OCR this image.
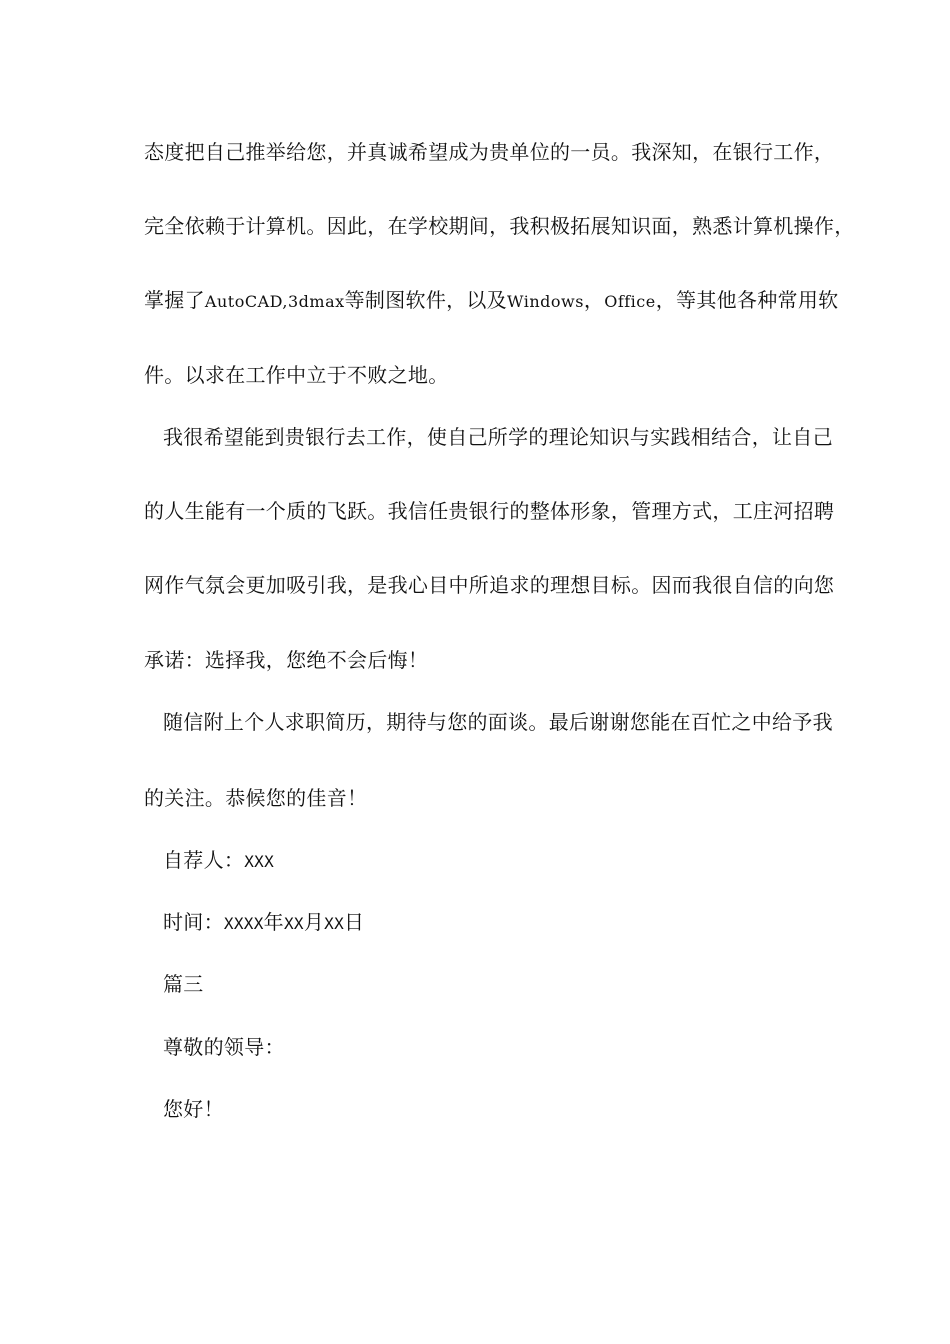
态度把自己推举给您，并真诚希望成为贵单位的一员。我深知，在银行工作，
完全依赖于计算机。因此，在学校期间，我积极拓展知识面，熟悉计算机操作，
掌握了AutoCAD,3dmax等制图软件，以及Windows，Office，等其他各种常用软
件。以求在工作中立于不败之地。
我很希望能到贵银行去工作，使自己所学的理论知识与实践相结合，让自己
的人生能有一个质的飞跃。我信任贵银行的整体形象，管理方式，工庄河招聘
网作气氛会更加吸引我，是我心目中所追求的理想目标。因而我很自信的向您
承诺：选择我，您绝不会后悔！
随信附上个人求职简历，期待与您的面谈。最后谢谢您能在百忙之中给予我
的关注。恭候您的佳音！
自荐人：XXX
时间：XXXX年XX月XX日
篇三
尊敬的领导：
您好！
